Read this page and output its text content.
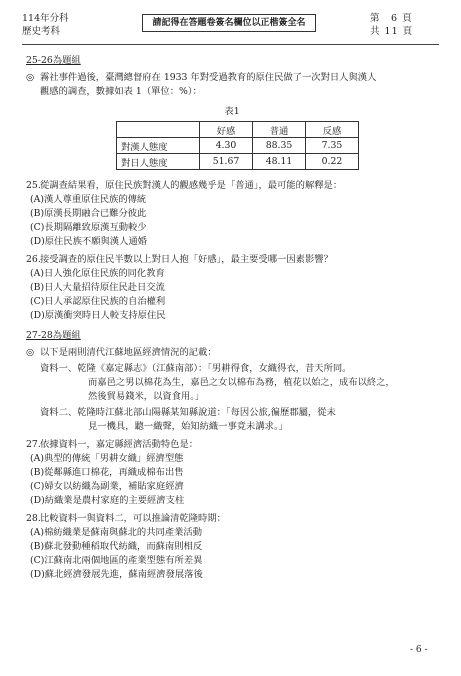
114年分科
歷史考科
請記得在答題卷簽名欄位以正楷簽全名	第　6 頁
共 11 頁
25-26為題組
◎ 霧社事件過後，臺灣總督府在 1933 年對受過教育的原住民做了一次對日人與漢人
觀感的調查，數據如表 1（單位：%）：
表1
	好感	普通	反感
對漢人態度	4.30	88.35	7.35
對日人態度	51.67	48.11	0.22
25. 從調查結果看，原住民族對漢人的觀感幾乎是「普通」，最可能的解釋是：
(A)漢人尊重原住民族的傳統
(B)原漢長期融合已難分彼此
(C)長期隔離致原漢互動較少
(D)原住民族不願與漢人通婚
26. 接受調查的原住民半數以上對日人抱「好感」，最主要受哪一因素影響？
(A)日人強化原住民族的同化教育
(B)日人大量招待原住民赴日交流
(C)日人承認原住民族的自治權利
(D)原漢衝突時日人較支持原住民
27-28為題組
◎ 以下是兩則清代江蘇地區經濟情況的記載：
資料一、 乾隆《嘉定縣志》（江蘇南部）：「男耕得食，女織得衣，昔天所同。
而嘉邑之男以棉花為生，嘉邑之女以棉布為務，植花以始之，成布以終之，
然後貿易錢米，以資食用。」
資料二、 乾隆時江蘇北部山陽縣某知縣說道：「每因公旅,徧歷郡屬，從未
見一機具，聽一織聲，始知紡織一事竟未講求。」
27. 依據資料一，嘉定縣經濟活動特色是：
(A)典型的傳統「男耕女織」經濟型態
(B)從鄰縣進口棉花，再織成棉布出售
(C)婦女以紡織為副業，補貼家庭經濟
(D)紡織業是農村家庭的主要經濟支柱
28. 比較資料一與資料二，可以推論清乾隆時期：
(A)棉紡織業是蘇南與蘇北的共同產業活動
(B)蘇北發動種稻取代紡織，而蘇南則相反
(C)江蘇南北兩個地區的產業型態有所差異
(D)蘇北經濟發展先進，蘇南經濟發展落後
- 6 -
